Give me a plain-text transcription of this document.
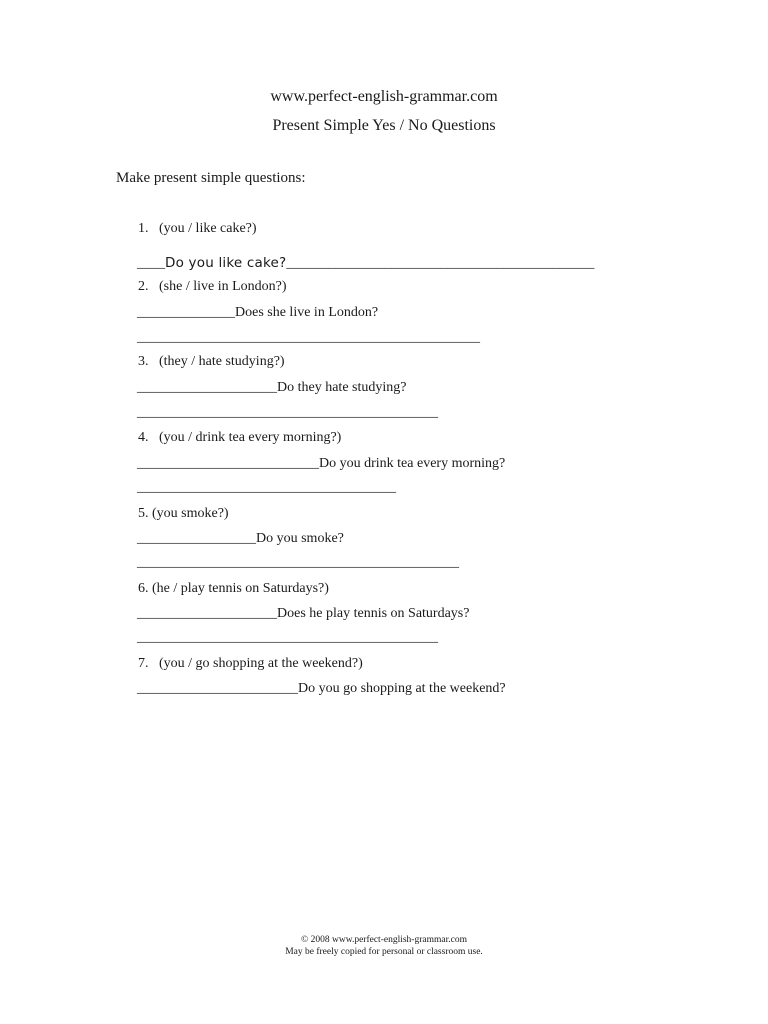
www.perfect-english-grammar.com
Present Simple Yes / No Questions
Make present simple questions:
1.   (you / like cake?)
____Do you like cake?____________________________________________
2.   (she / live in London?)
______________Does she live in London?
_________________________________________________
3.   (they / hate studying?)
____________________Do they hate studying?
___________________________________________
4.   (you / drink tea every morning?)
__________________________Do you drink tea every morning?
_____________________________________
5. (you smoke?)
_________________Do you smoke?
______________________________________________
6. (he / play tennis on Saturdays?)
____________________Does he play tennis on Saturdays?
___________________________________________
7.   (you / go shopping at the weekend?)
_______________________Do you go shopping at the weekend?
© 2008 www.perfect-english-grammar.com
May be freely copied for personal or classroom use.
